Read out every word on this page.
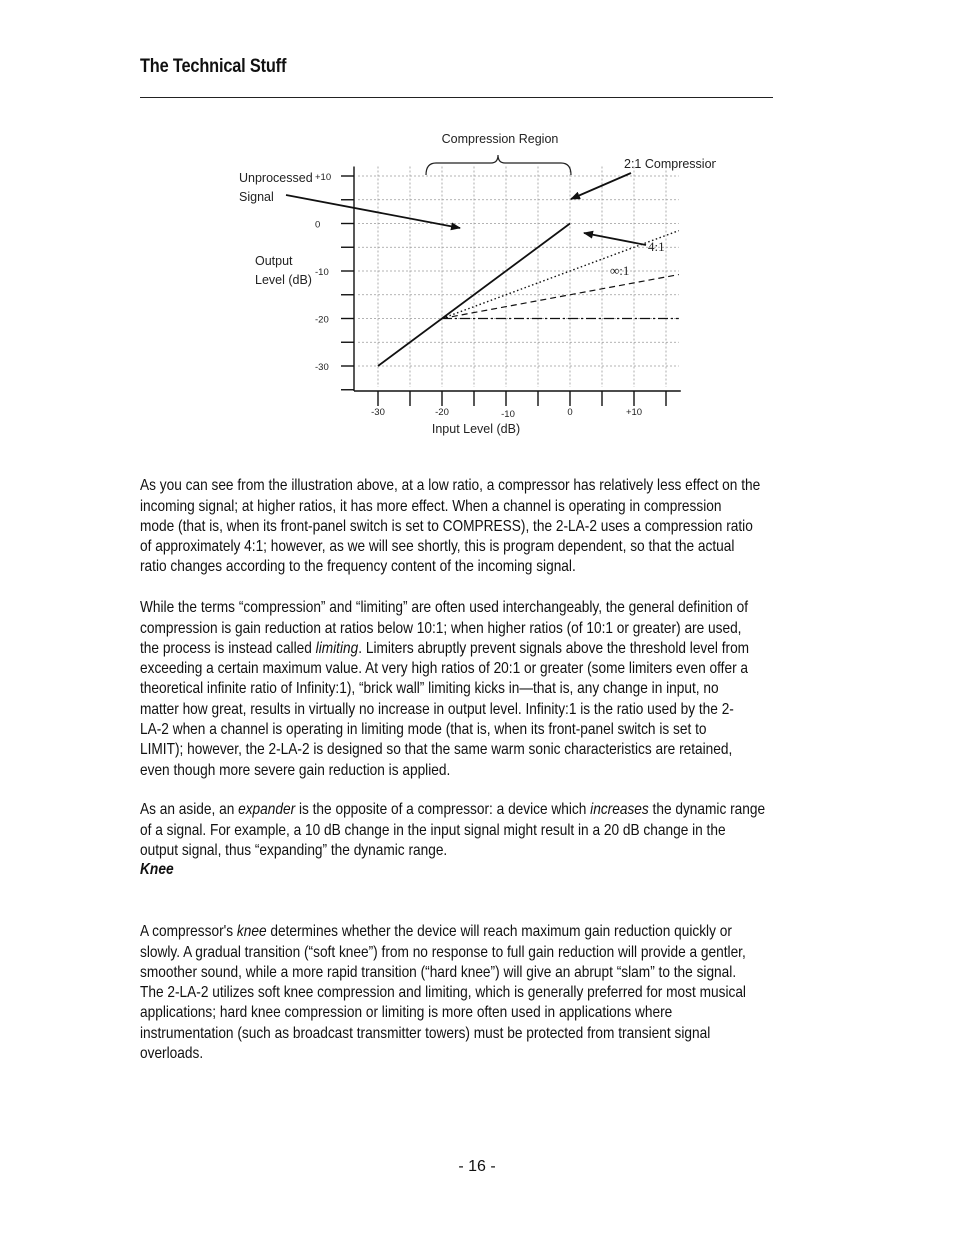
The Technical Stuff
+10
0
-10
-20
-30
-30	-20	-10	0	+10
Compression Region
Unprocessed
Signal
Output
Level (dB)
2:1 Compression
4:1
∞:1
Input Level (dB)

As you can see from the illustration above, at a low ratio, a compressor has relatively less effect on the
incoming signal; at higher ratios, it has more effect. When a channel is operating in compression
mode (that is, when its front-panel switch is set to COMPRESS), the 2-LA-2 uses a compression ratio
of approximately 4:1; however, as we will see shortly, this is program dependent, so that the actual
ratio changes according to the frequency content of the incoming signal.

While the terms “compression” and “limiting” are often used interchangeably, the general definition of
compression is gain reduction at ratios below 10:1; when higher ratios (of 10:1 or greater) are used,
the process is instead called limiting. Limiters abruptly prevent signals above the threshold level from
exceeding a certain maximum value. At very high ratios of 20:1 or greater (some limiters even offer a
theoretical infinite ratio of Infinity:1), “brick wall” limiting kicks in—that is, any change in input, no
matter how great, results in virtually no increase in output level. Infinity:1 is the ratio used by the 2-
LA-2 when a channel is operating in limiting mode (that is, when its front-panel switch is set to
LIMIT); however, the 2-LA-2 is designed so that the same warm sonic characteristics are retained,
even though more severe gain reduction is applied.

As an aside, an expander is the opposite of a compressor: a device which increases the dynamic range
of a signal. For example, a 10 dB change in the input signal might result in a 20 dB change in the
output signal, thus “expanding” the dynamic range.

Knee

A compressor's knee determines whether the device will reach maximum gain reduction quickly or
slowly. A gradual transition (“soft knee”) from no response to full gain reduction will provide a gentler,
smoother sound, while a more rapid transition (“hard knee”) will give an abrupt “slam” to the signal.
The 2-LA-2 utilizes soft knee compression and limiting, which is generally preferred for most musical
applications; hard knee compression or limiting is more often used in applications where
instrumentation (such as broadcast transmitter towers) must be protected from transient signal
overloads.

- 16 -
